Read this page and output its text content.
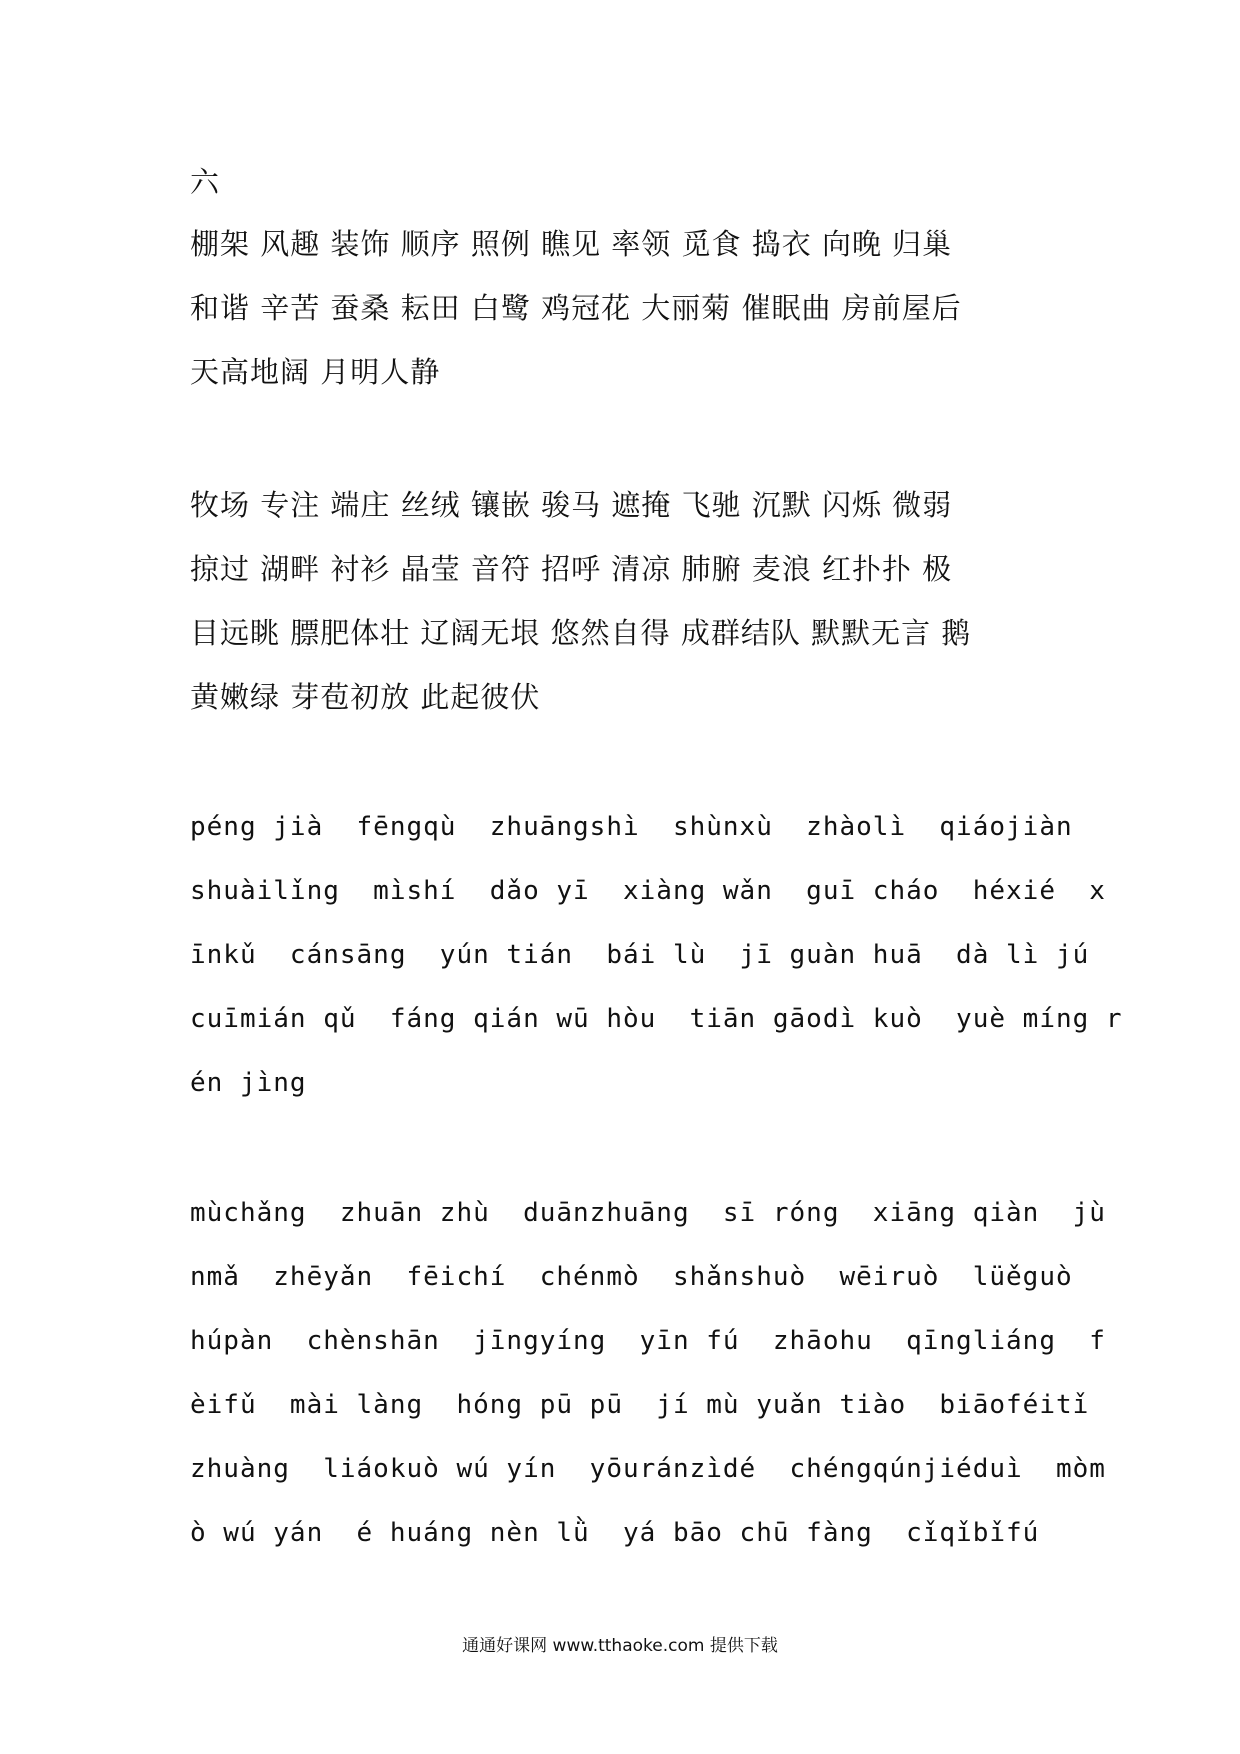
六
棚架 风趣 装饰 顺序 照例 瞧见 率领 觅食 捣衣 向晚 归巢
和谐 辛苦 蚕桑 耘田 白鹭 鸡冠花 大丽菊 催眠曲 房前屋后
天高地阔 月明人静
牧场 专注 端庄 丝绒 镶嵌 骏马 遮掩 飞驰 沉默 闪烁 微弱
掠过 湖畔 衬衫 晶莹 音符 招呼 清凉 肺腑 麦浪 红扑扑 极
目远眺 膘肥体壮 辽阔无垠 悠然自得 成群结队 默默无言 鹅
黄嫩绿 芽苞初放 此起彼伏
péng jià  fēngqù  zhuāngshì  shùnxù  zhàolì  qiáojiàn
shuàilǐng  mìshí  dǎo yī  xiàng wǎn  guī cháo  héxié  x
īnkǔ  cánsāng  yún tián  bái lù  jī guàn huā  dà lì jú
cuīmián qǔ  fáng qián wū hòu  tiān gāodì kuò  yuè míng r
én jìng
mùchǎng  zhuān zhù  duānzhuāng  sī róng  xiāng qiàn  jù
nmǎ  zhēyǎn  fēichí  chénmò  shǎnshuò  wēiruò  lüěguò
húpàn  chènshān  jīngyíng  yīn fú  zhāohu  qīngliáng  f
èifǔ  mài làng  hóng pū pū  jí mù yuǎn tiào  biāoféitǐ
zhuàng  liáokuò wú yín  yōuránzìdé  chéngqúnjiéduì  mòm
ò wú yán  é huáng nèn lǜ  yá bāo chū fàng  cǐqǐbǐfú
通通好课网 www.tthaoke.com 提供下载
